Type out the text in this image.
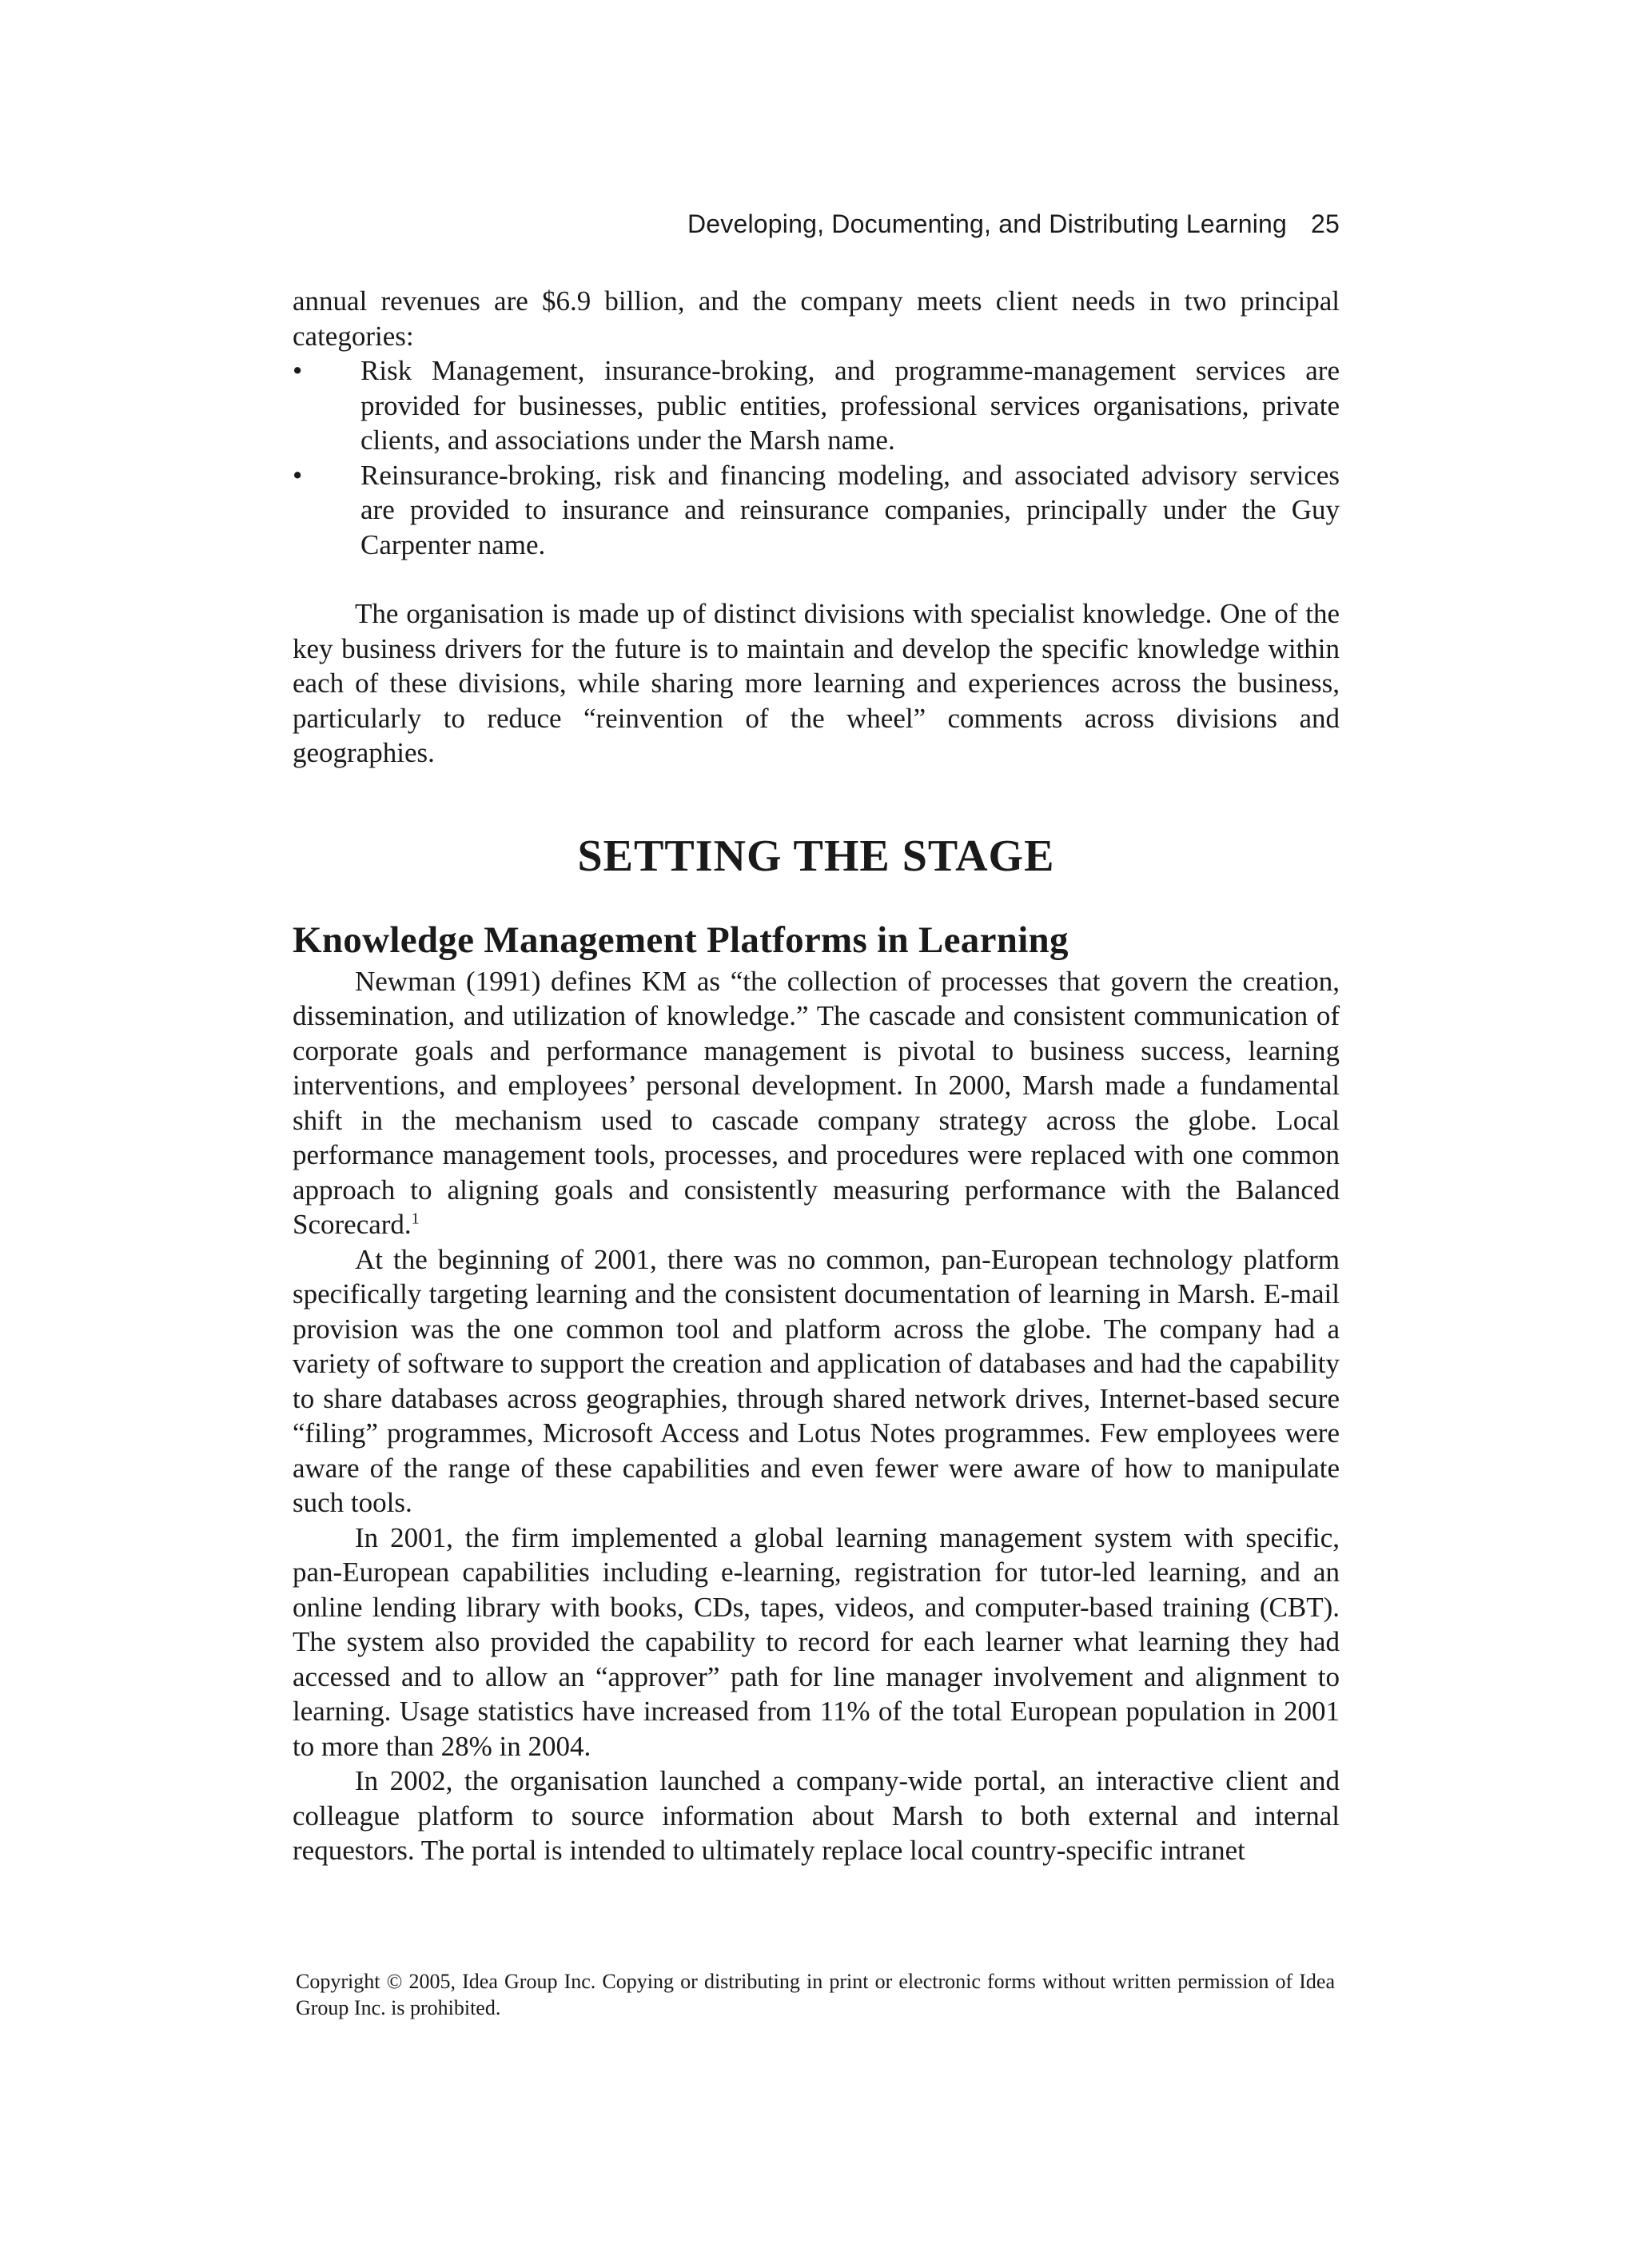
Developing, Documenting, and Distributing Learning 25

annual revenues are $6.9 billion, and the company meets client needs in two principal categories:

• Risk Management, insurance-broking, and programme-management services are provided for businesses, public entities, professional services organisations, private clients, and associations under the Marsh name.
• Reinsurance-broking, risk and financing modeling, and associated advisory services are provided to insurance and reinsurance companies, principally under the Guy Carpenter name.

The organisation is made up of distinct divisions with specialist knowledge. One of the key business drivers for the future is to maintain and develop the specific knowledge within each of these divisions, while sharing more learning and experiences across the business, particularly to reduce “reinvention of the wheel” comments across divisions and geographies.

SETTING THE STAGE
Knowledge Management Platforms in Learning

Newman (1991) defines KM as “the collection of processes that govern the creation, dissemination, and utilization of knowledge.” The cascade and consistent communication of corporate goals and performance management is pivotal to business success, learning interventions, and employees’ personal development. In 2000, Marsh made a fundamental shift in the mechanism used to cascade company strategy across the globe. Local performance management tools, processes, and procedures were replaced with one common approach to aligning goals and consistently measuring performance with the Balanced Scorecard.$^1$

At the beginning of 2001, there was no common, pan-European technology platform specifically targeting learning and the consistent documentation of learning in Marsh. E-mail provision was the one common tool and platform across the globe. The company had a variety of software to support the creation and application of databases and had the capability to share databases across geographies, through shared network drives, Internet-based secure “filing” programmes, Microsoft Access and Lotus Notes programmes. Few employees were aware of the range of these capabilities and even fewer were aware of how to manipulate such tools.

In 2001, the firm implemented a global learning management system with specific, pan-European capabilities including e-learning, registration for tutor-led learning, and an online lending library with books, CDs, tapes, videos, and computer-based training (CBT). The system also provided the capability to record for each learner what learning they had accessed and to allow an “approver” path for line manager involvement and alignment to learning. Usage statistics have increased from 11% of the total European population in 2001 to more than 28% in 2004.

In 2002, the organisation launched a company-wide portal, an interactive client and colleague platform to source information about Marsh to both external and internal requestors. The portal is intended to ultimately replace local country-specific intranet

Copyright © 2005, Idea Group Inc. Copying or distributing in print or electronic forms without written permission of Idea Group Inc. is prohibited.
